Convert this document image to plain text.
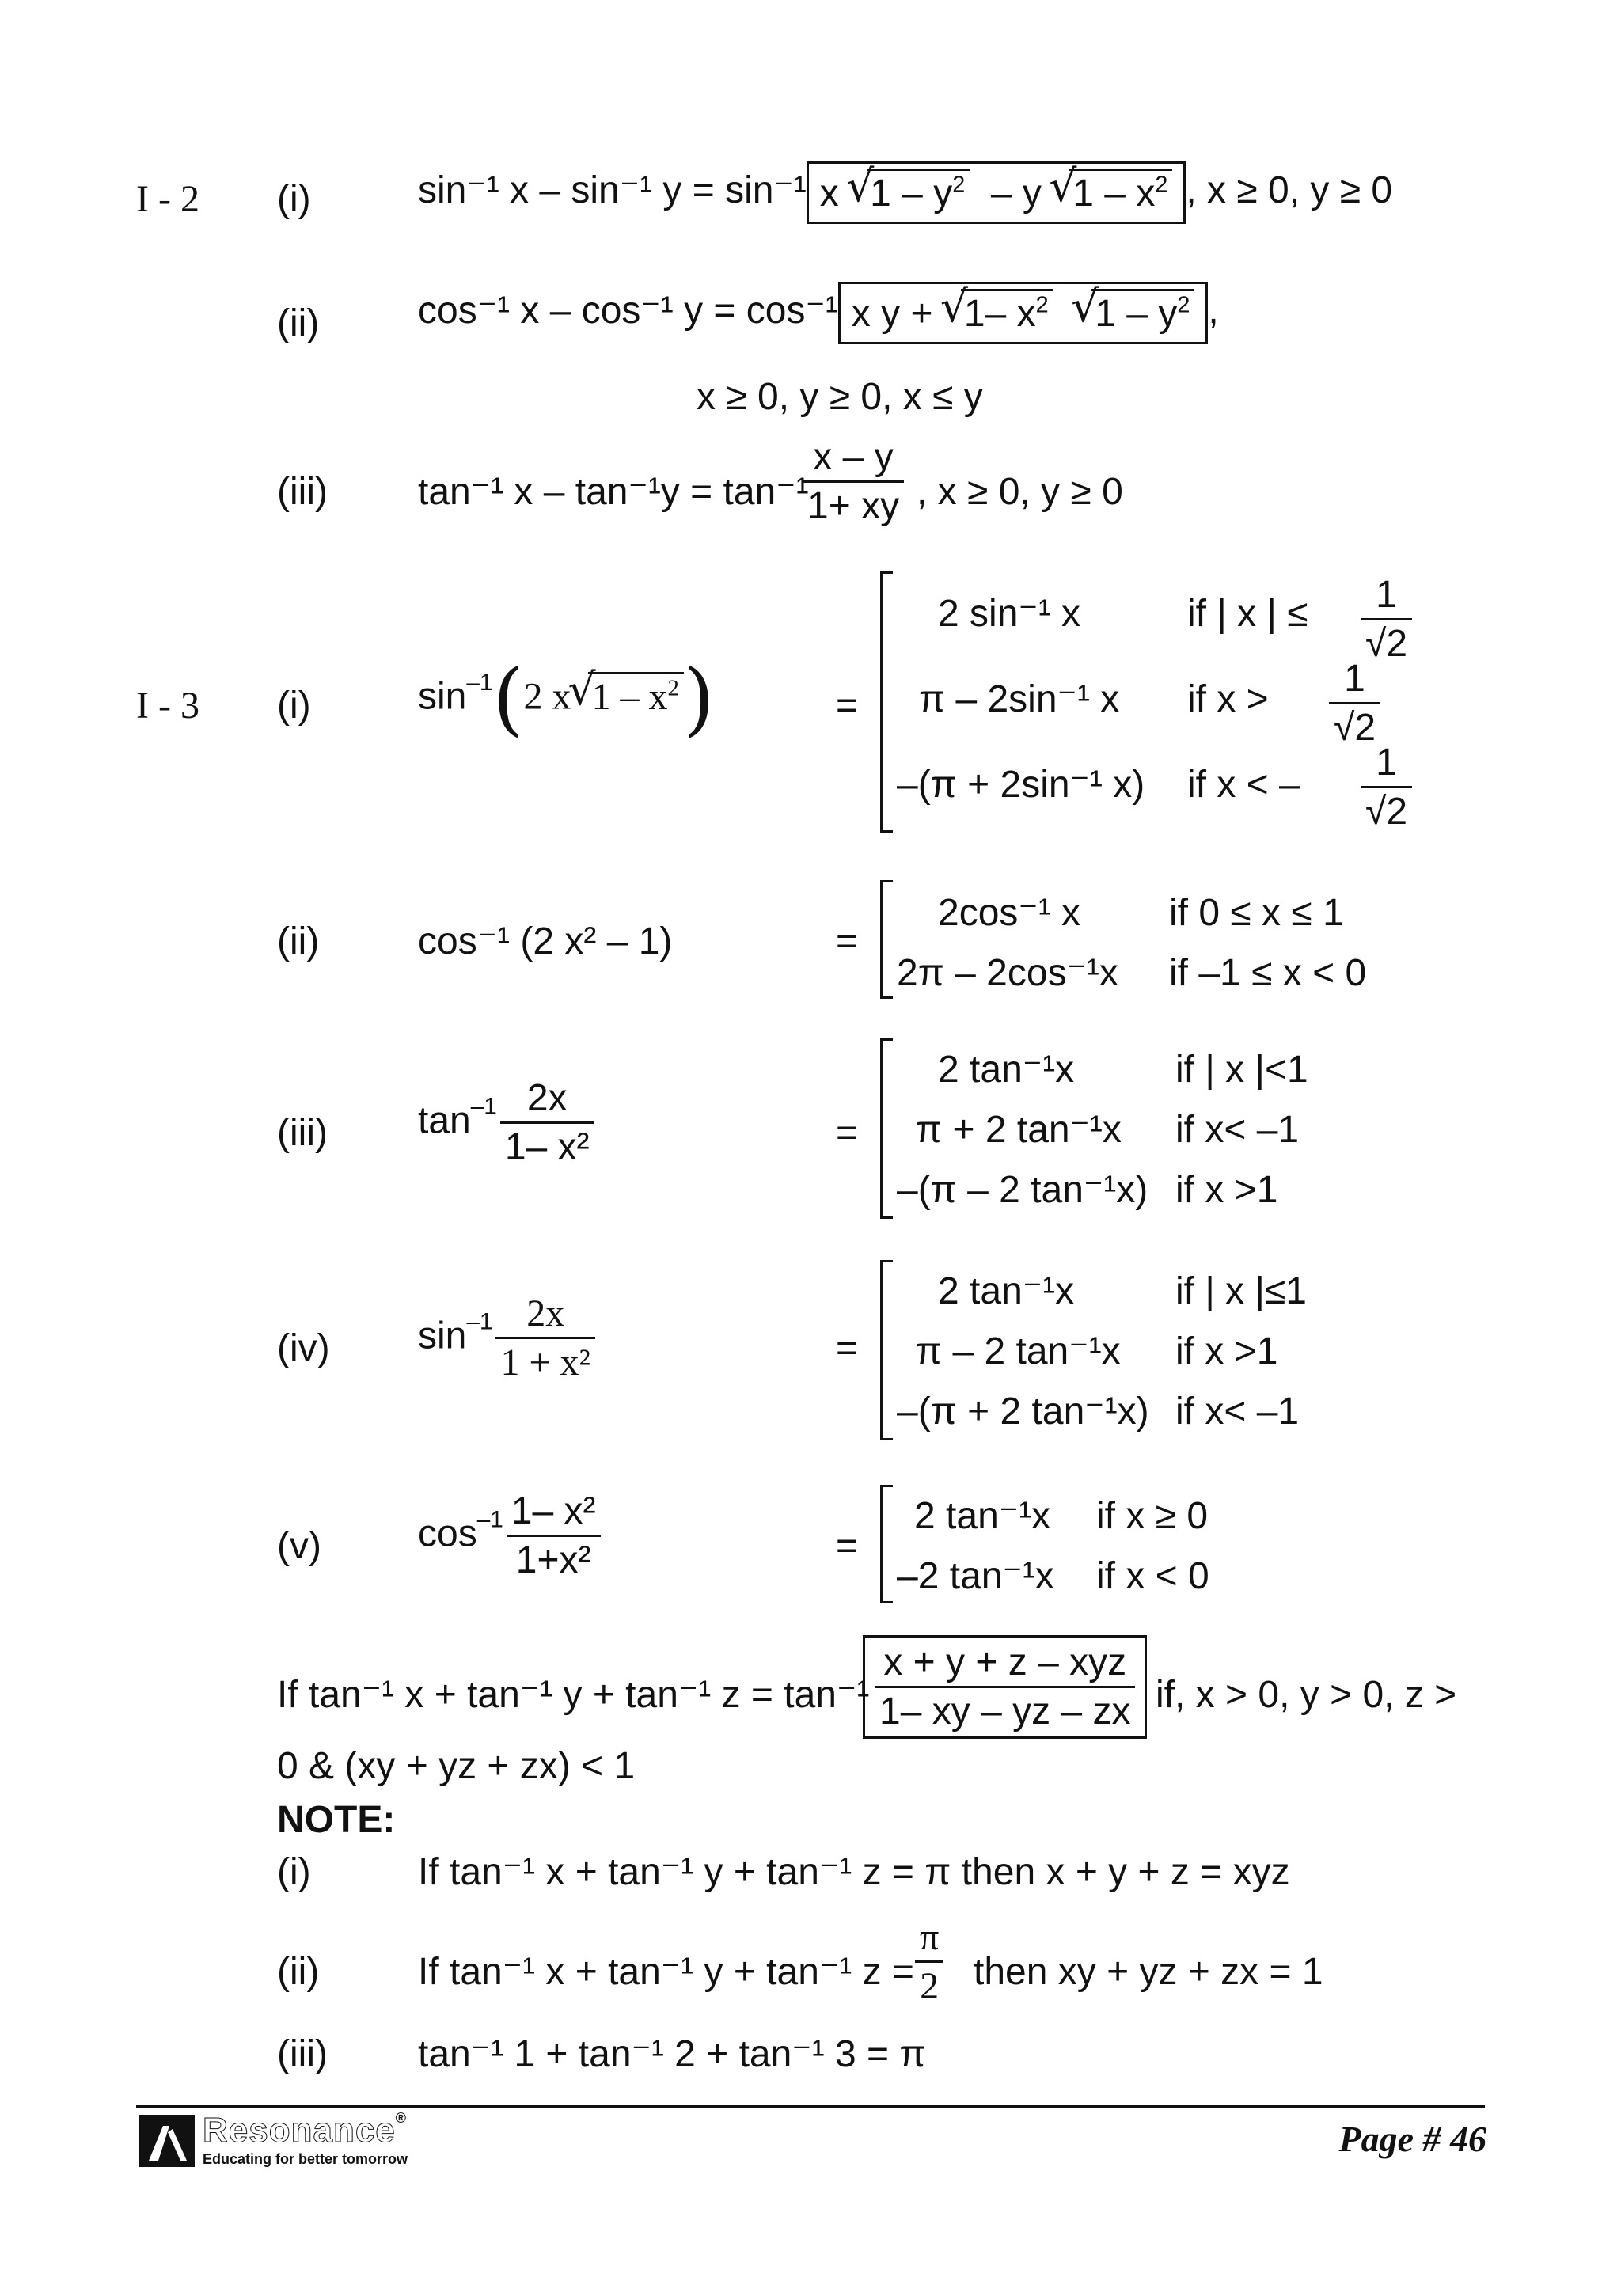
I - 2 (i)	sin⁻¹ x – sin⁻¹ y = sin⁻¹ x √ $1 - y^2$  – y √ $1 - x^2$ , x ≥ 0, y ≥ 0
(ii)	cos⁻¹ x – cos⁻¹ y = cos⁻¹ x y + √ 1– $x^2$ √ $1 - y^2$ ,
x ≥ 0, y ≥ 0, x ≤ y
(iii) tan⁻¹ x – tan⁻¹y = tan⁻¹
$\frac{x - y}{1+ xy}$ , x ≥ 0, y ≥ 0
I - 3 (i)	$\sin^{-1}(2$ x √ $1 - x^2$)	=
2 sin⁻¹ x	if | x | ≤ $\frac{1}{√2}$
π – 2sin⁻¹ x if $x > \frac{1}{√2}$
–(π + 2sin⁻¹ x) if x < – $\frac{1}{√2}$
(ii)	cos⁻¹ (2 x² – 1)	=
2cos⁻¹ x if 0 ≤ x ≤ 1
2π – 2cos⁻¹x if –1 ≤ x < 0
(iii) $\tan^{-1} \frac{2x}{\text{1– x²}}$	=
2 tan⁻¹x	if | x |<1
π + 2 tan⁻¹x if x< –1
–(π – 2 tan⁻¹x) if x >1
(iv) $\sin^{-1} \frac{2x}{\text{1 + x²}}$	=
2 tan⁻¹x	if | x |≤1
π – 2 tan⁻¹x if x >1
–(π + 2 tan⁻¹x) if x< –1
(v)	$\cos^{-1} \frac{\text{1– x²}}{\text{1+x²}}$	=
2 tan⁻¹x if x ≥ 0
–2 tan⁻¹x if x < 0
If tan⁻¹ x + tan⁻¹ y + tan⁻¹ $z = \tan^{-1} \frac{\text{x + y + z – xyz}}{1- xy - yz - zx}$ if, x > 0, y > 0, z >
0 & (xy + yz + zx) < 1
NOTE:
(i)	If tan⁻¹ x + tan⁻¹ y + tan⁻¹ z = π then x + y + z = xyz
(ii)	If tan⁻¹ x + tan⁻¹ y + tan⁻¹ $z = \frac{\pi}{2}$ then xy + yz + zx = 1
(iii) tan⁻¹ 1 + tan⁻¹ 2 + tan⁻¹ 3 = π
Resonance®
Educating for better tomorrow	Page # 46
